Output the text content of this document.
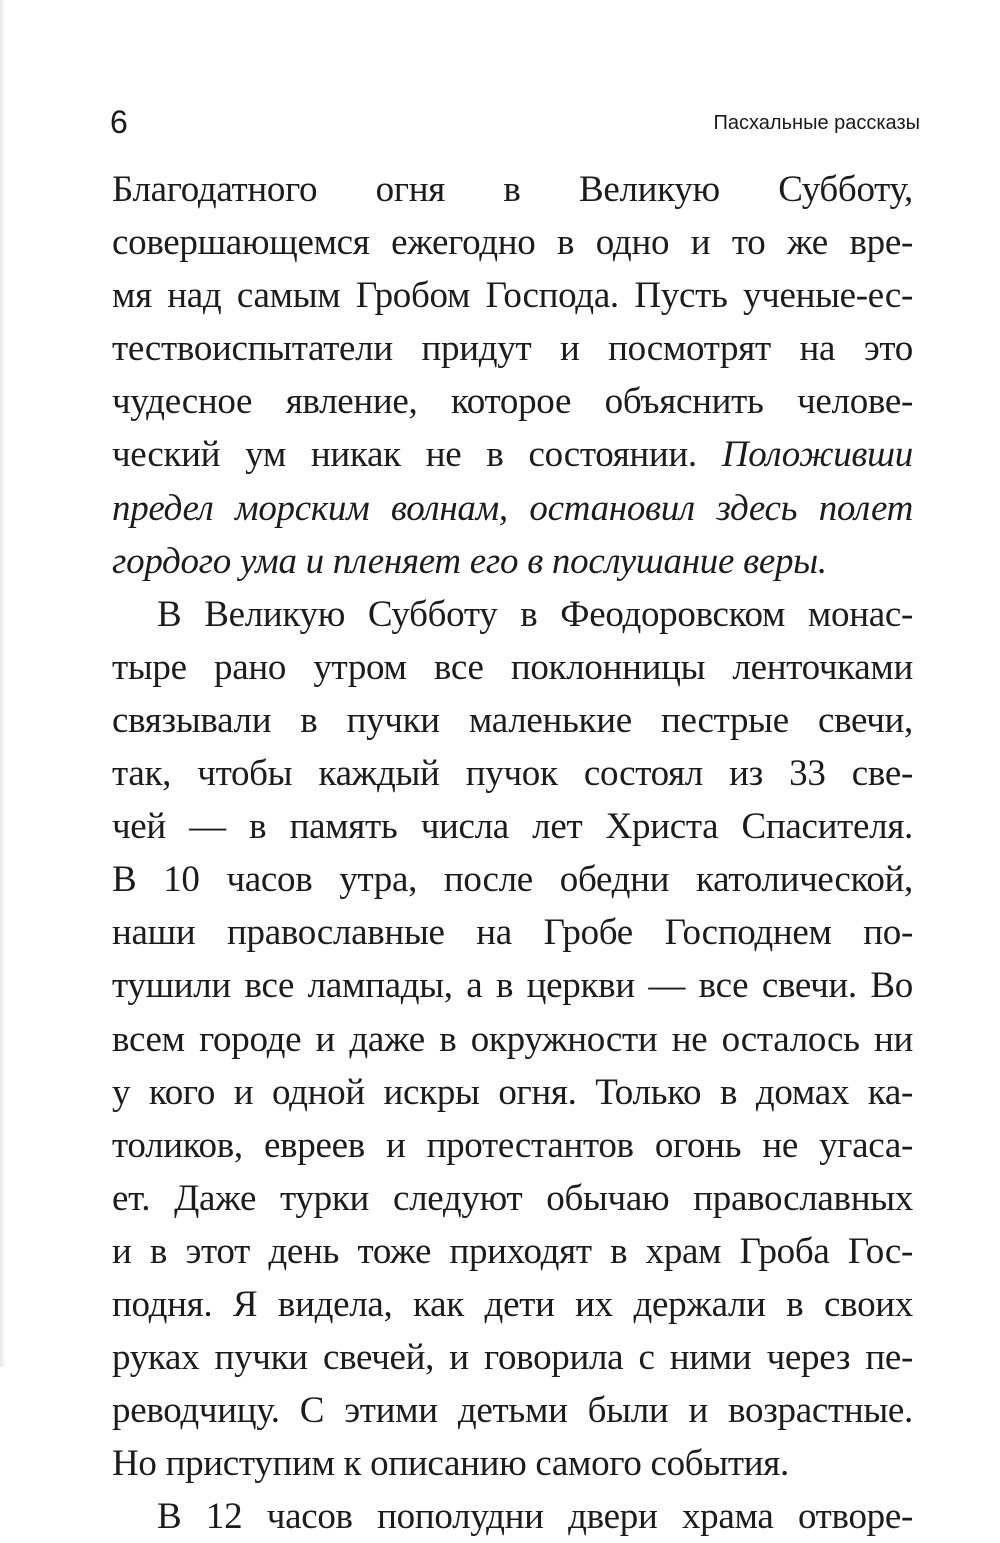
6	Пасхальные рассказы
Благодатного огня в Великую Субботу,
совершающемся ежегодно в одно и то же вре-
мя над самым Гробом Господа. Пусть ученые-ес-
тествоиспытатели придут и посмотрят на это
чудесное явление, которое объяснить челове-
ческий ум никак не в состоянии. Положивши
предел морским волнам, остановил здесь полет
гордого ума и пленяет его в послушание веры.
В Великую Субботу в Феодоровском монас-
тыре рано утром все поклонницы ленточками
связывали в пучки маленькие пестрые свечи,
так, чтобы каждый пучок состоял из 33 све-
чей — в память числа лет Христа Спасителя.
В 10 часов утра, после обедни католической,
наши православные на Гробе Господнем по-
тушили все лампады, а в церкви — все свечи. Во
всем городе и даже в окружности не осталось ни
у кого и одной искры огня. Только в домах ка-
толиков, евреев и протестантов огонь не угаса-
ет. Даже турки следуют обычаю православных
и в этот день тоже приходят в храм Гроба Гос-
подня. Я видела, как дети их держали в своих
руках пучки свечей, и говорила с ними через пе-
реводчицу. С этими детьми были и возрастные.
Но приступим к описанию самого события.
В 12 часов пополудни двери храма отворе-
